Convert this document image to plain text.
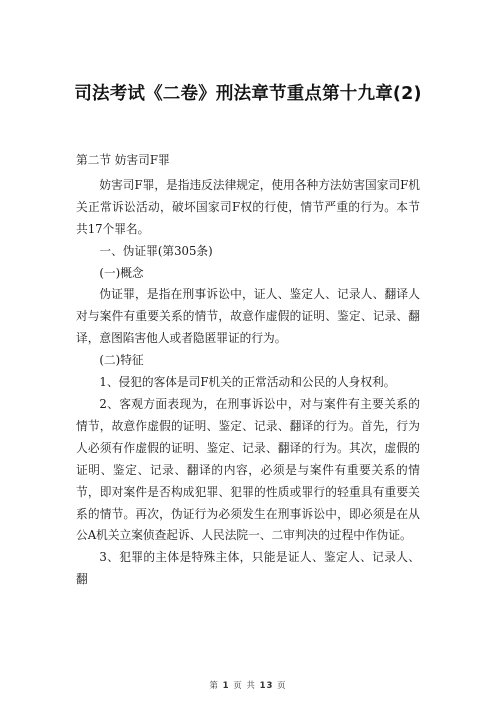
司法考试《二卷》刑法章节重点第十九章(2)

第二节 妨害司F罪

妨害司F罪，是指违反法律规定，使用各种方法妨害国家司F机关正常诉讼活动，破坏国家司F权的行使，情节严重的行为。本节共17个罪名。

一、伪证罪(第305条)

(一)概念

伪证罪，是指在刑事诉讼中，证人、鉴定人、记录人、翻译人对与案件有重要关系的情节，故意作虚假的证明、鉴定、记录、翻译，意图陷害他人或者隐匿罪证的行为。

(二)特征

1、侵犯的客体是司F机关的正常活动和公民的人身权利。

2、客观方面表现为，在刑事诉讼中，对与案件有主要关系的情节，故意作虚假的证明、鉴定、记录、翻译的行为。首先，行为人必须有作虚假的证明、鉴定、记录、翻译的行为。其次，虚假的证明、鉴定、记录、翻译的内容，必须是与案件有重要关系的情节，即对案件是否构成犯罪、犯罪的性质或罪行的轻重具有重要关系的情节。再次，伪证行为必须发生在刑事诉讼中，即必须是在从公A机关立案侦查起诉、人民法院一、二审判决的过程中作伪证。

3、犯罪的主体是特殊主体，只能是证人、鉴定人、记录人、翻

第 1 页 共 13 页
